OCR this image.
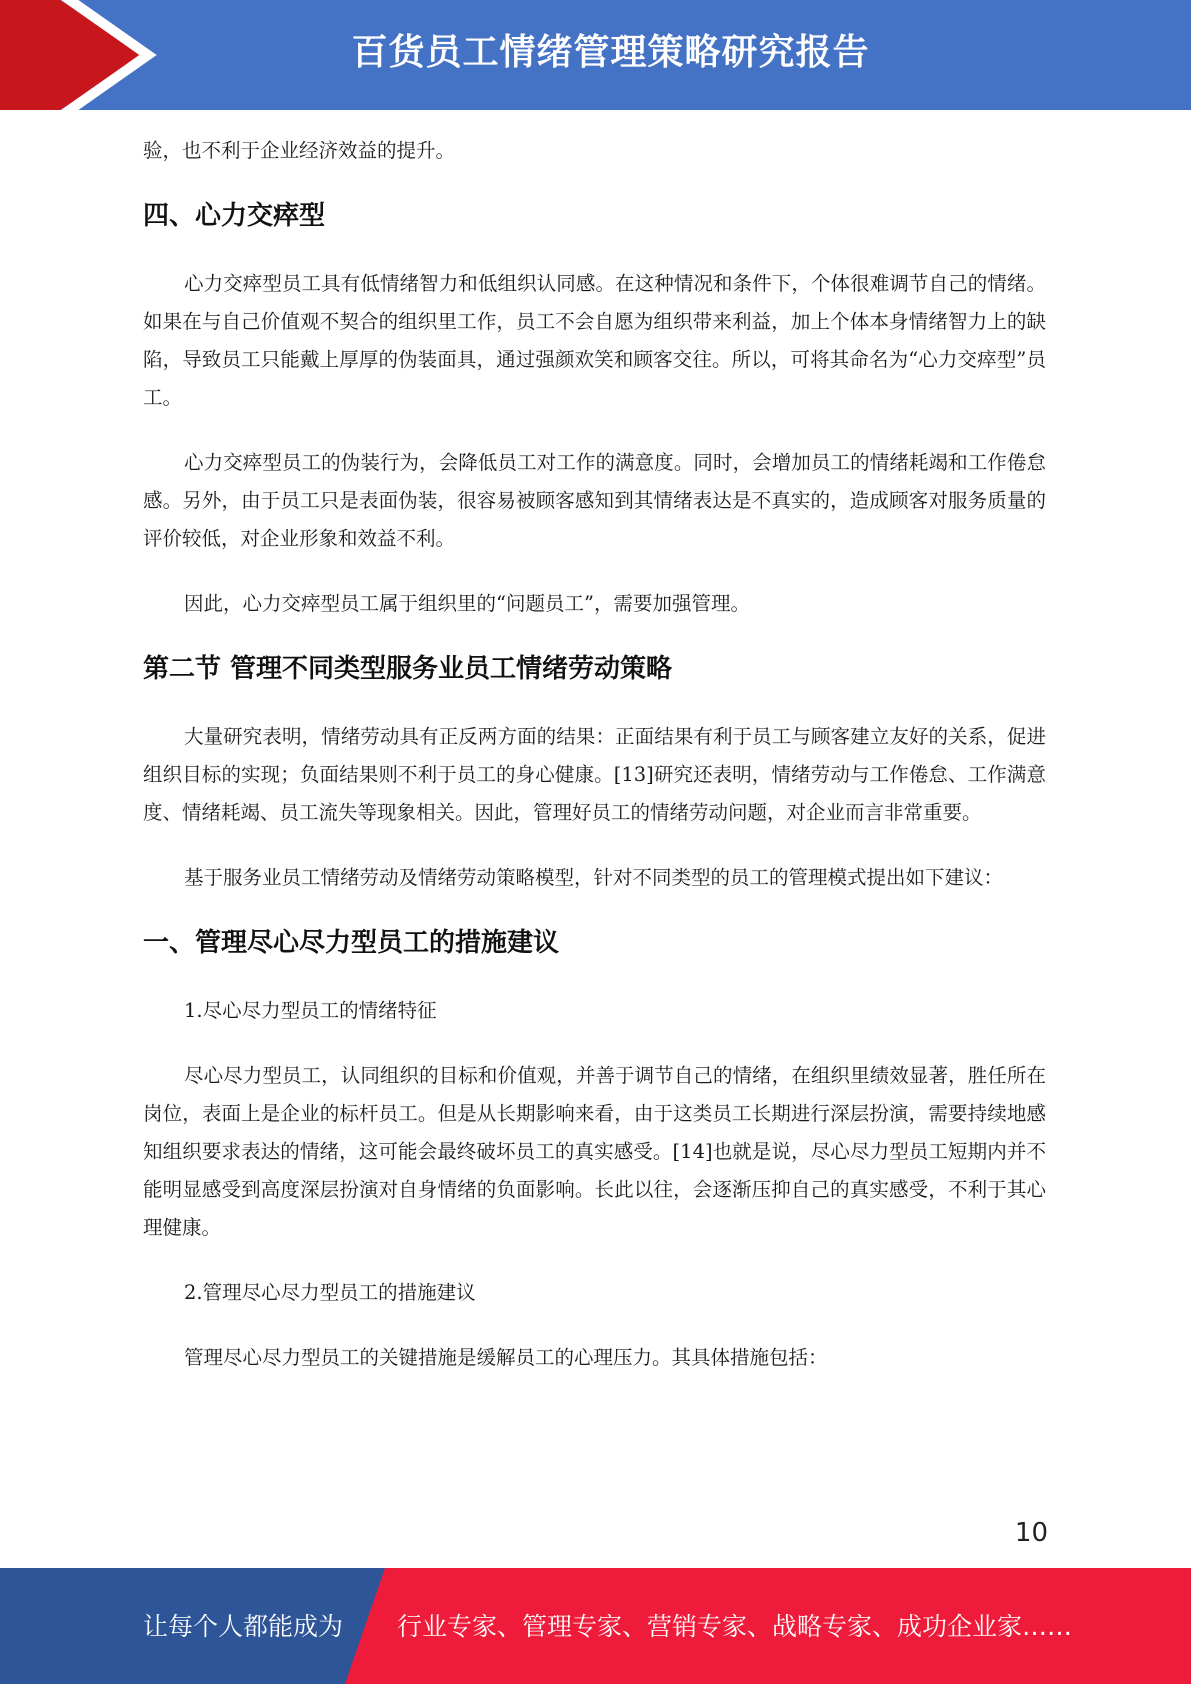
百货员工情绪管理策略研究报告

验，也不利于企业经济效益的提升。

四、心力交瘁型

心力交瘁型员工具有低情绪智力和低组织认同感。在这种情况和条件下，个体很难调节自己的情绪。如果在与自己价值观不契合的组织里工作，员工不会自愿为组织带来利益，加上个体本身情绪智力上的缺陷，导致员工只能戴上厚厚的伪装面具，通过强颜欢笑和顾客交往。所以，可将其命名为“心力交瘁型”员工。

心力交瘁型员工的伪装行为，会降低员工对工作的满意度。同时，会增加员工的情绪耗竭和工作倦怠感。另外，由于员工只是表面伪装，很容易被顾客感知到其情绪表达是不真实的，造成顾客对服务质量的评价较低，对企业形象和效益不利。

因此，心力交瘁型员工属于组织里的“问题员工”，需要加强管理。

第二节 管理不同类型服务业员工情绪劳动策略

大量研究表明，情绪劳动具有正反两方面的结果：正面结果有利于员工与顾客建立友好的关系，促进组织目标的实现；负面结果则不利于员工的身心健康。[13]研究还表明，情绪劳动与工作倦怠、工作满意度、情绪耗竭、员工流失等现象相关。因此，管理好员工的情绪劳动问题，对企业而言非常重要。

基于服务业员工情绪劳动及情绪劳动策略模型，针对不同类型的员工的管理模式提出如下建议：

一、管理尽心尽力型员工的措施建议

1.尽心尽力型员工的情绪特征

尽心尽力型员工，认同组织的目标和价值观，并善于调节自己的情绪，在组织里绩效显著，胜任所在岗位，表面上是企业的标杆员工。但是从长期影响来看，由于这类员工长期进行深层扮演，需要持续地感知组织要求表达的情绪，这可能会最终破坏员工的真实感受。[14]也就是说，尽心尽力型员工短期内并不能明显感受到高度深层扮演对自身情绪的负面影响。长此以往，会逐渐压抑自己的真实感受，不利于其心理健康。

2.管理尽心尽力型员工的措施建议

管理尽心尽力型员工的关键措施是缓解员工的心理压力。其具体措施包括：

10
让每个人都能成为 行业专家、管理专家、营销专家、战略专家、成功企业家……
